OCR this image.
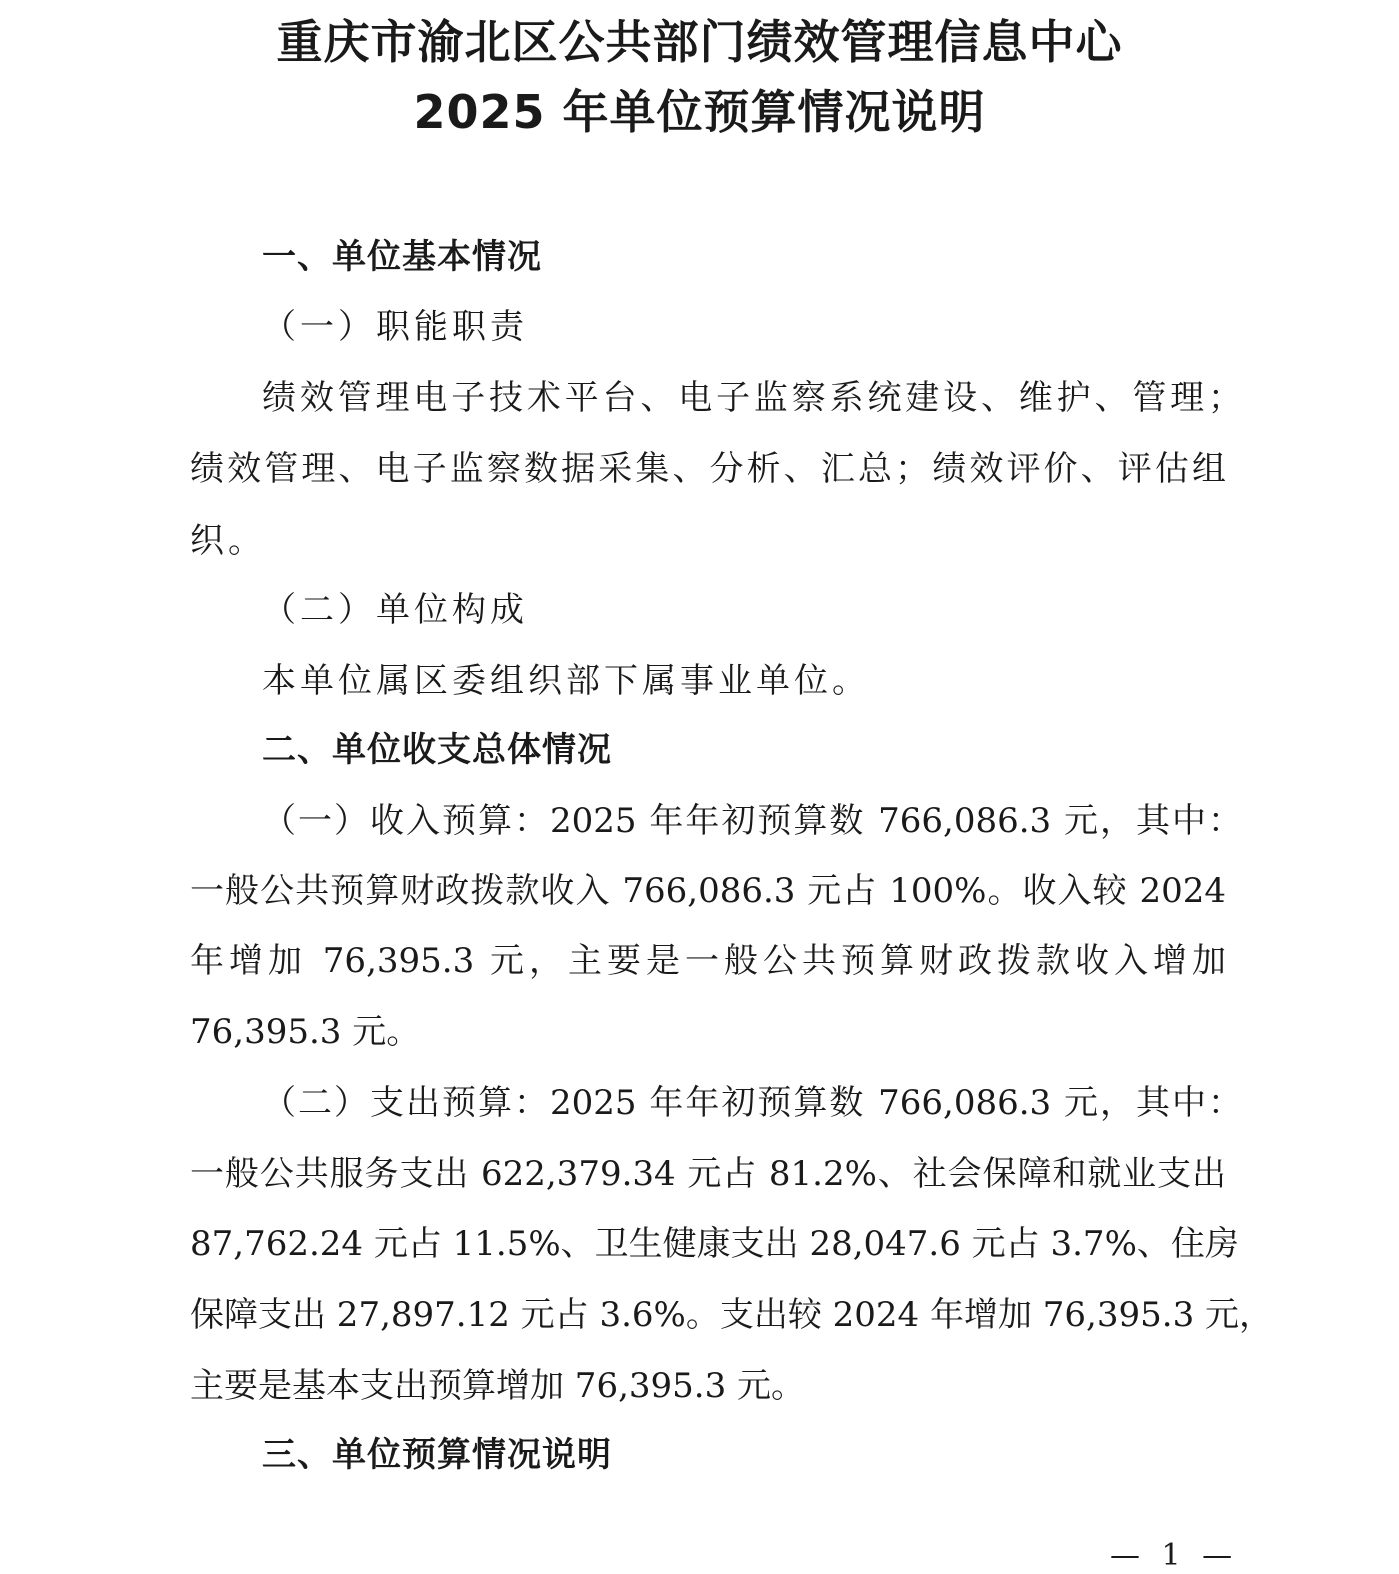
重庆市渝北区公共部门绩效管理信息中心
2025 年单位预算情况说明
一、单位基本情况
（一）职能职责
绩效管理电子技术平台、电子监察系统建设、维护、管理；
绩效管理、电子监察数据采集、分析、汇总；绩效评价、评估组
织。
（二）单位构成
本单位属区委组织部下属事业单位。
二、单位收支总体情况
（一）收入预算：2025 年年初预算数 766,086.3 元，其中：
一般公共预算财政拨款收入 766,086.3 元占 100%。收入较 2024
年增加 76,395.3 元，主要是一般公共预算财政拨款收入增加
76,395.3 元。
（二）支出预算：2025 年年初预算数 766,086.3 元，其中：
一般公共服务支出 622,379.34 元占 81.2%、社会保障和就业支出
87,762.24 元占 11.5%、卫生健康支出 28,047.6 元占 3.7%、住房
保障支出 27,897.12 元占 3.6%。支出较 2024 年增加 76,395.3 元，
主要是基本支出预算增加 76,395.3 元。
三、单位预算情况说明
— 1 —
